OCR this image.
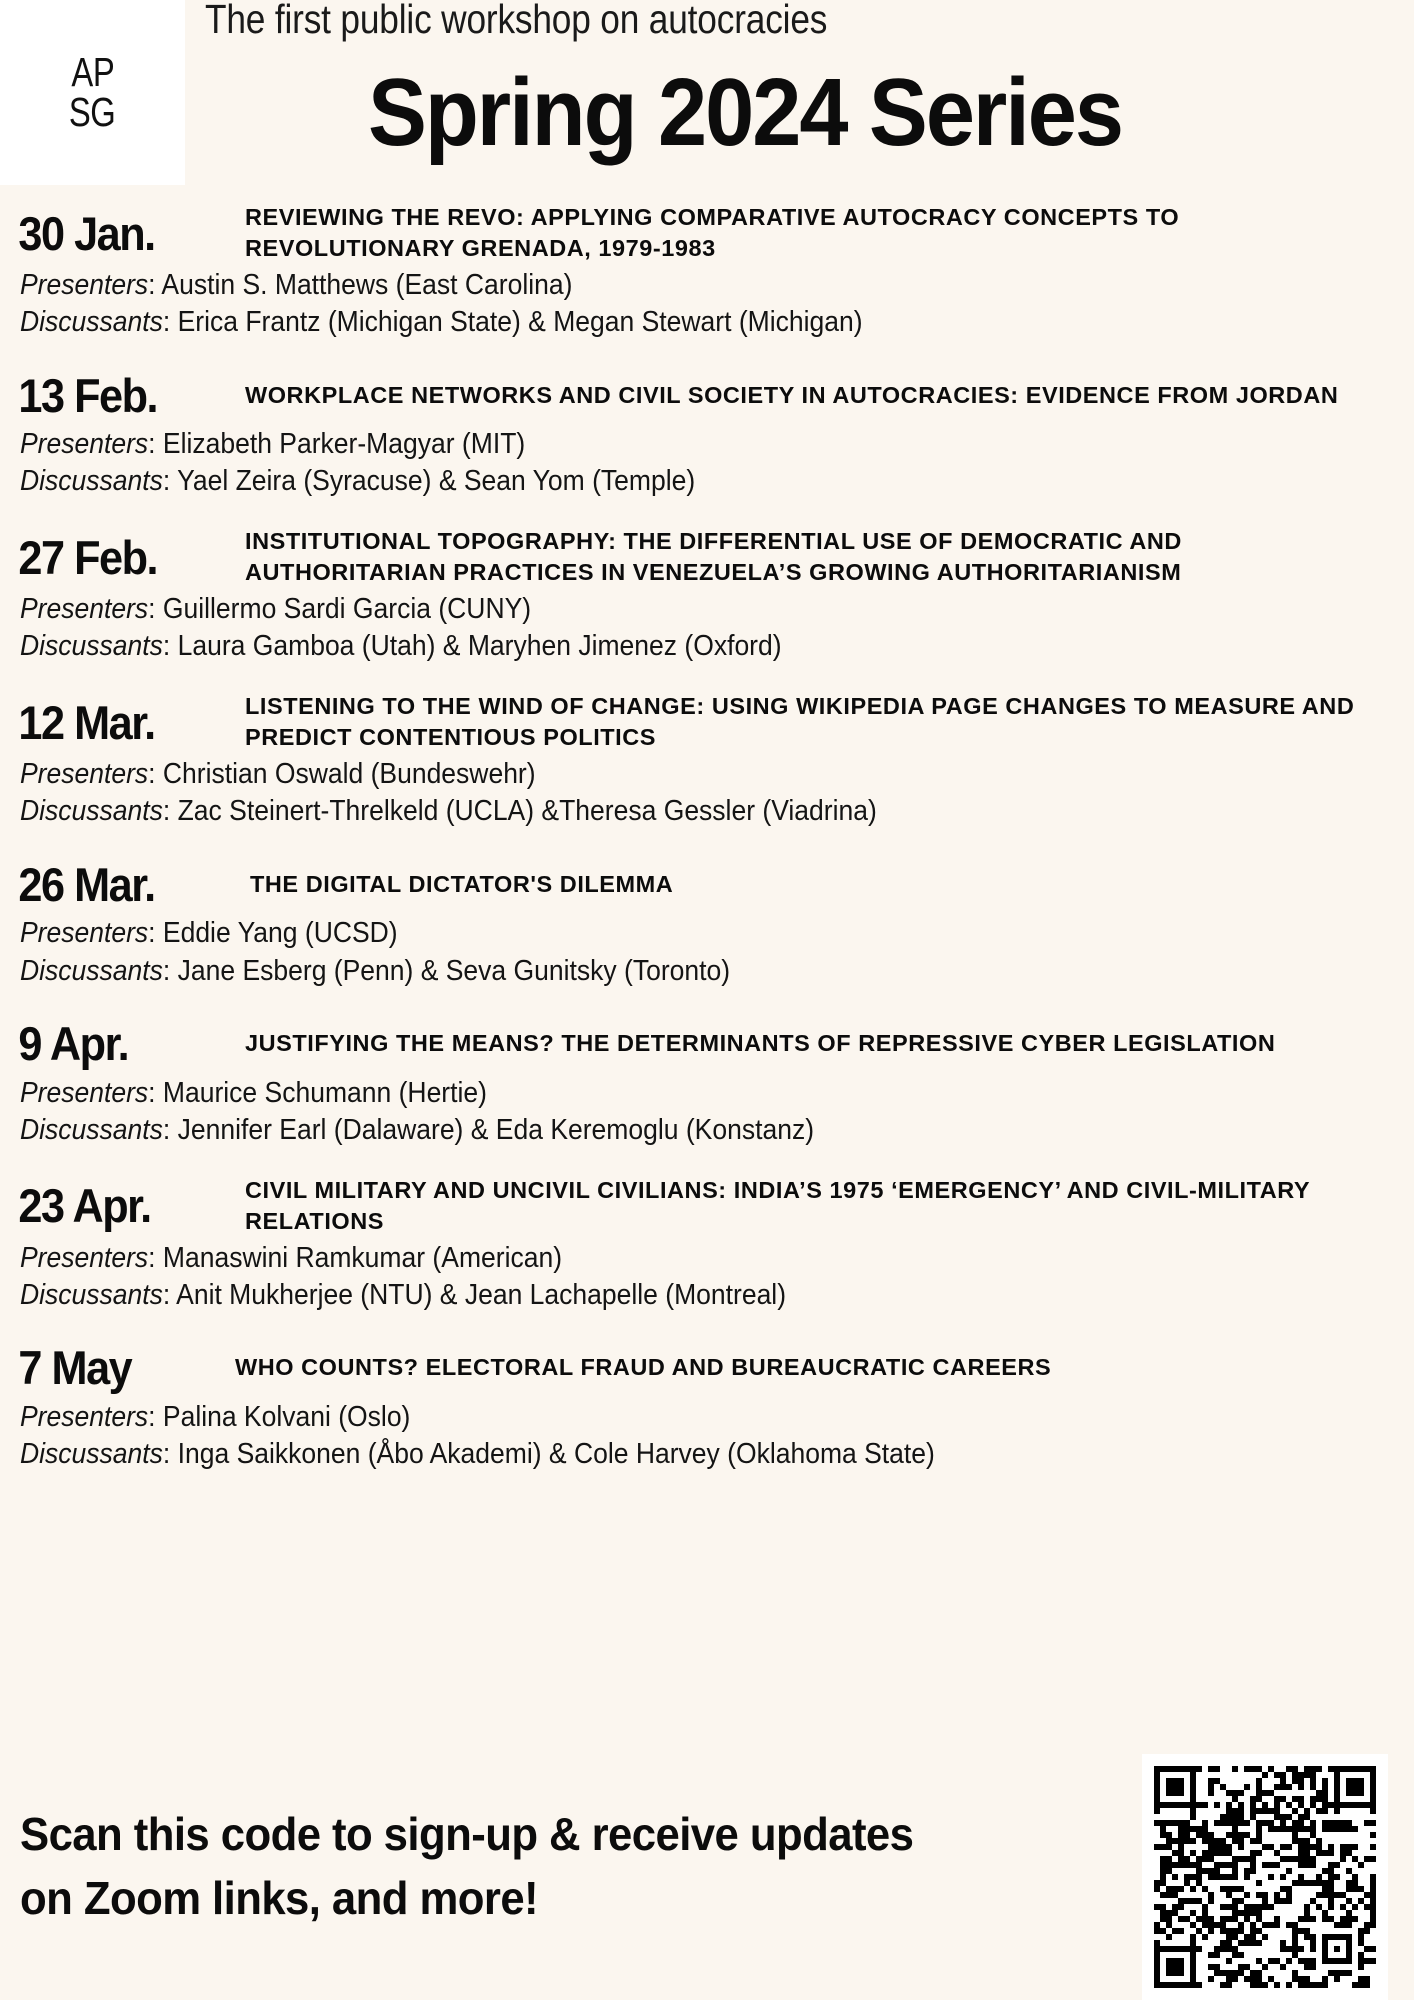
AP
SG
The first public workshop on autocracies
Spring 2024 Series
30 Jan.	REVIEWING THE REVO: APPLYING COMPARATIVE AUTOCRACY CONCEPTS TO REVOLUTIONARY GRENADA, 1979-1983
Presenters: Austin S. Matthews (East Carolina)
Discussants: Erica Frantz (Michigan State) & Megan Stewart (Michigan)
13 Feb.	WORKPLACE NETWORKS AND CIVIL SOCIETY IN AUTOCRACIES: EVIDENCE FROM JORDAN
Presenters: Elizabeth Parker-Magyar (MIT)
Discussants: Yael Zeira (Syracuse) & Sean Yom (Temple)
27 Feb.	INSTITUTIONAL TOPOGRAPHY: THE DIFFERENTIAL USE OF DEMOCRATIC AND AUTHORITARIAN PRACTICES IN VENEZUELA’S GROWING AUTHORITARIANISM
Presenters: Guillermo Sardi Garcia (CUNY)
Discussants: Laura Gamboa (Utah) & Maryhen Jimenez (Oxford)
12 Mar.	LISTENING TO THE WIND OF CHANGE: USING WIKIPEDIA PAGE CHANGES TO MEASURE AND PREDICT CONTENTIOUS POLITICS
Presenters: Christian Oswald (Bundeswehr)
Discussants: Zac Steinert-Threlkeld (UCLA) &Theresa Gessler (Viadrina)
26 Mar.	THE DIGITAL DICTATOR'S DILEMMA
Presenters: Eddie Yang (UCSD)
Discussants: Jane Esberg (Penn) & Seva Gunitsky (Toronto)
9 Apr.	JUSTIFYING THE MEANS? THE DETERMINANTS OF REPRESSIVE CYBER LEGISLATION
Presenters: Maurice Schumann (Hertie)
Discussants: Jennifer Earl (Dalaware) & Eda Keremoglu (Konstanz)
23 Apr.	CIVIL MILITARY AND UNCIVIL CIVILIANS: INDIA’S 1975 ‘EMERGENCY’ AND CIVIL-MILITARY RELATIONS
Presenters: Manaswini Ramkumar (American)
Discussants: Anit Mukherjee (NTU) & Jean Lachapelle (Montreal)
7 May	WHO COUNTS? ELECTORAL FRAUD AND BUREAUCRATIC CAREERS
Presenters: Palina Kolvani (Oslo)
Discussants: Inga Saikkonen (Åbo Akademi) & Cole Harvey (Oklahoma State)
Scan this code to sign-up & receive updates
on Zoom links, and more!
